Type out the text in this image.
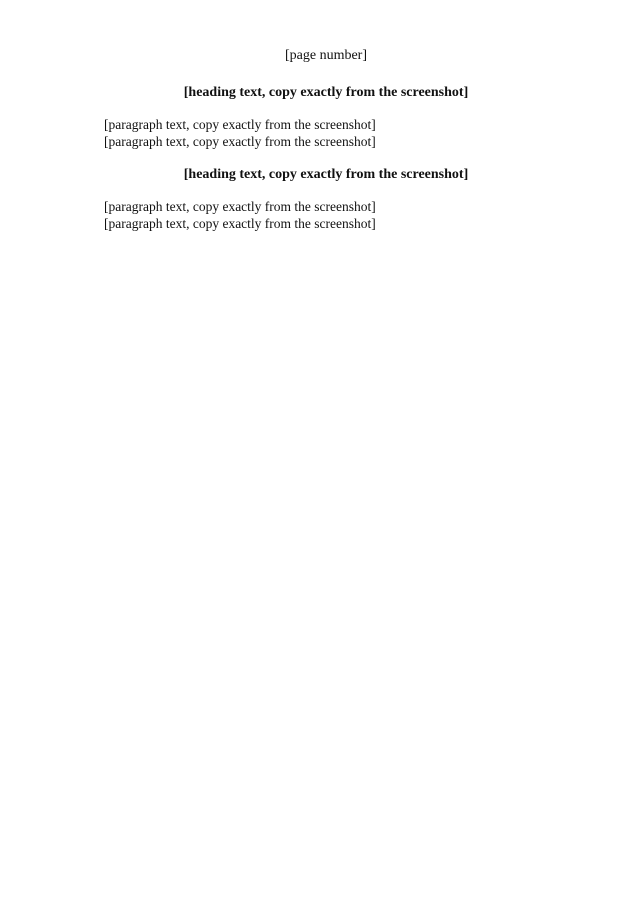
[page number]
[heading text, copy exactly from the screenshot]

[paragraph text, copy exactly from the screenshot]

[paragraph text, copy exactly from the screenshot]

[heading text, copy exactly from the screenshot]

[paragraph text, copy exactly from the screenshot]

[paragraph text, copy exactly from the screenshot]
